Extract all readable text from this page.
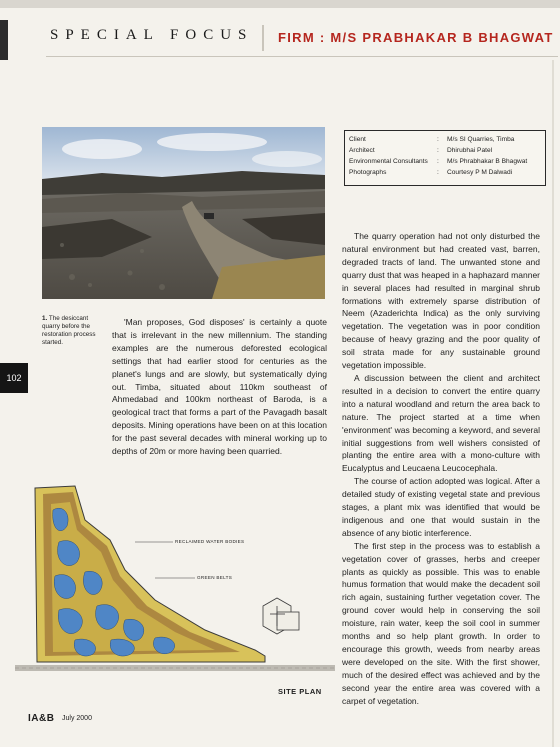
SPECIAL FOCUS FIRM : M/S PRABHAKAR B BHAGWAT
Client	: M/s SI Quarries, Timba
Architect	: Dhirubhai Patel
Environmental Consultants : M/s Phrabhakar B Bhagwat
Photographs	: Courtesy P M Dalwadi
1. The desiccant quarry before the restoration process started.
102

'Man proposes, God disposes' is certainly a quote that is irrelevant in the new millennium. The standing examples are the numerous deforested ecological settings that had earlier stood for centuries as the planet's lungs and are slowly, but systematically dying out. Timba, situated about 110km southeast of Ahmedabad and 100km northeast of Baroda, is a geological tract that forms a part of the Pavagadh basalt deposits. Mining operations have been on at this location for the past several decades with mineral working up to depths of 20m or more having been quarried.

The quarry operation had not only disturbed the natural environment but had created vast, barren, degraded tracts of land. The unwanted stone and quarry dust that was heaped in a haphazard manner in several places had resulted in marginal shrub formations with extremely sparse distribution of Neem (Azaderichta Indica) as the only surviving vegetation. The vegetation was in poor condition because of heavy grazing and the poor quality of soil strata made for any sustainable ground vegetation impossible.

A discussion between the client and architect resulted in a decision to convert the entire quarry into a natural woodland and return the area back to nature. The project started at a time when 'environment' was becoming a keyword, and several initial suggestions from well wishers consisted of planting the entire area with a mono-culture with Eucalyptus and Leucaena Leucocephala.

The course of action adopted was logical. After a detailed study of existing vegetal state and previous stages, a plant mix was identified that would be indigenous and one that would sustain in the absence of any biotic interference.

The first step in the process was to establish a vegetation cover of grasses, herbs and creeper plants as quickly as possible. This was to enable humus formation that would make the decadent soil rich again, sustaining further vegetation cover. The ground cover would help in conserving the soil moisture, rain water, keep the soil cool in summer months and so help plant growth. In order to encourage this growth, weeds from nearby areas were developed on the site. With the first shower, much of the desired effect was achieved and by the second year the entire area was covered with a carpet of vegetation.

RECLAIMED WATER BODIES
GREEN BELTS
SITE PLAN
IA&B July 2000
